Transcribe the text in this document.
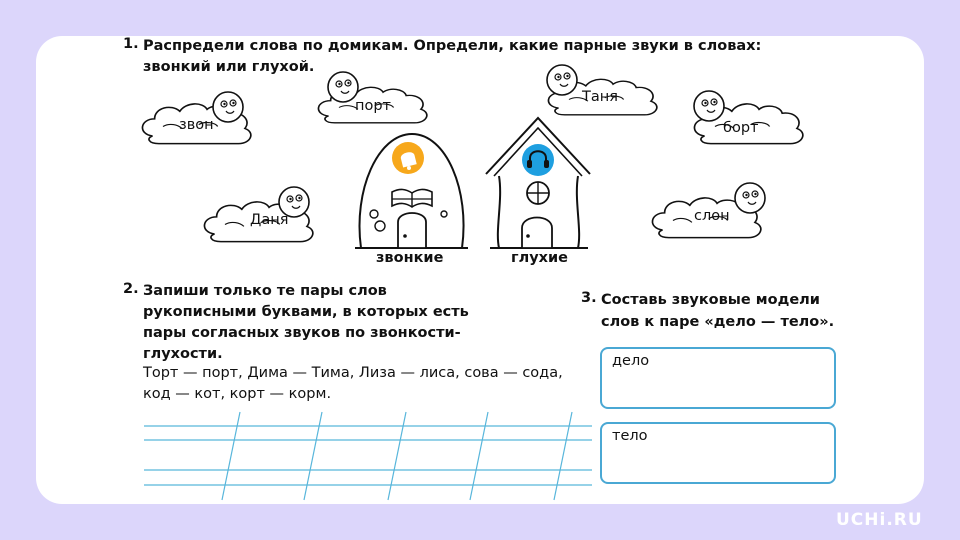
1. Распредели слова по домикам. Определи, какие парные звуки в словах:
звонкий или глухой.
звон
порт
Таня
борт
Даня	слон
звонкие	глухие
2. Запиши только те пары слов
рукописными буквами, в которых есть
пары согласных звуков по звонкости-
глухости.
Торт — порт, Дима — Тима, Лиза — лиса, сова — сода,
код — кот, корт — корм.
3. Составь звуковые модели
слов к паре «дело — тело».
дело
тело
UCHi.RU
